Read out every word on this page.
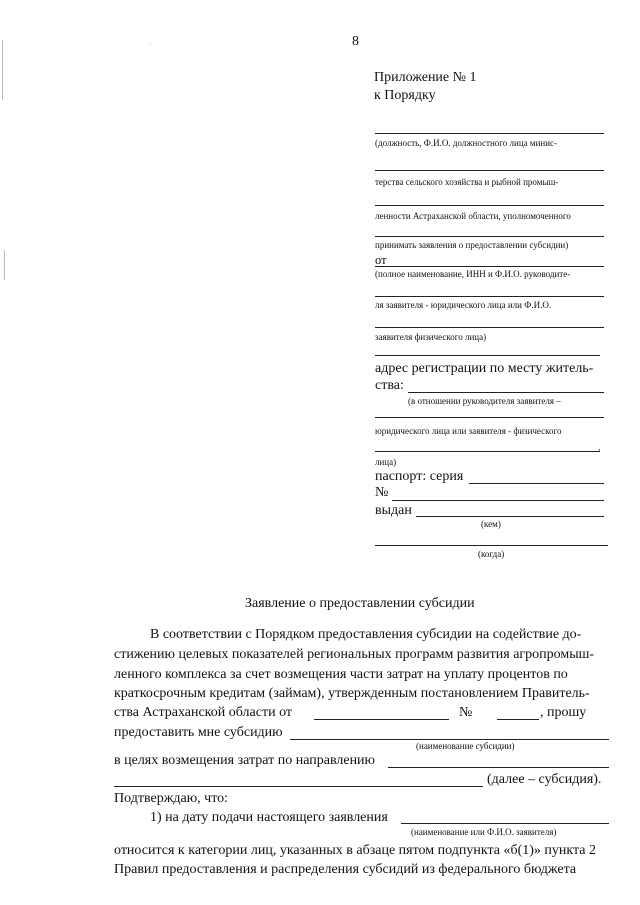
8
Приложение № 1
к Порядку
(должность, Ф.И.О. должностного лица минис-
терства сельского хозяйства и рыбной промыш-
ленности Астраханской области, уполномоченного
принимать заявления о предоставлении субсидии)
от
(полное наименование, ИНН и Ф.И.О. руководите-
ля заявителя - юридического лица или Ф.И.О.
заявителя физического лица)
адрес регистрации по месту житель-
ства:
(в отношении руководителя заявителя –
юридического лица или заявителя - физического
,
лица)
паспорт: серия
№
выдан
(кем)
(когда)
Заявление о предоставлении субсидии
В соответствии с Порядком предоставления субсидии на содействие до-
стижению целевых показателей региональных программ развития агропромыш-
ленного комплекса за счет возмещения части затрат на уплату процентов по
краткосрочным кредитам (займам), утвержденным постановлением Правитель-
ства Астраханской области от	№	, прошу
предоставить мне субсидию
(наименование субсидии)
в целях возмещения затрат по направлению
(далее – субсидия).
Подтверждаю, что:
1) на дату подачи настоящего заявления
(наименование или Ф.И.О. заявителя)
относится к категории лиц, указанных в абзаце пятом подпункта «б(1)» пункта 2
Правил предоставления и распределения субсидий из федерального бюджета
